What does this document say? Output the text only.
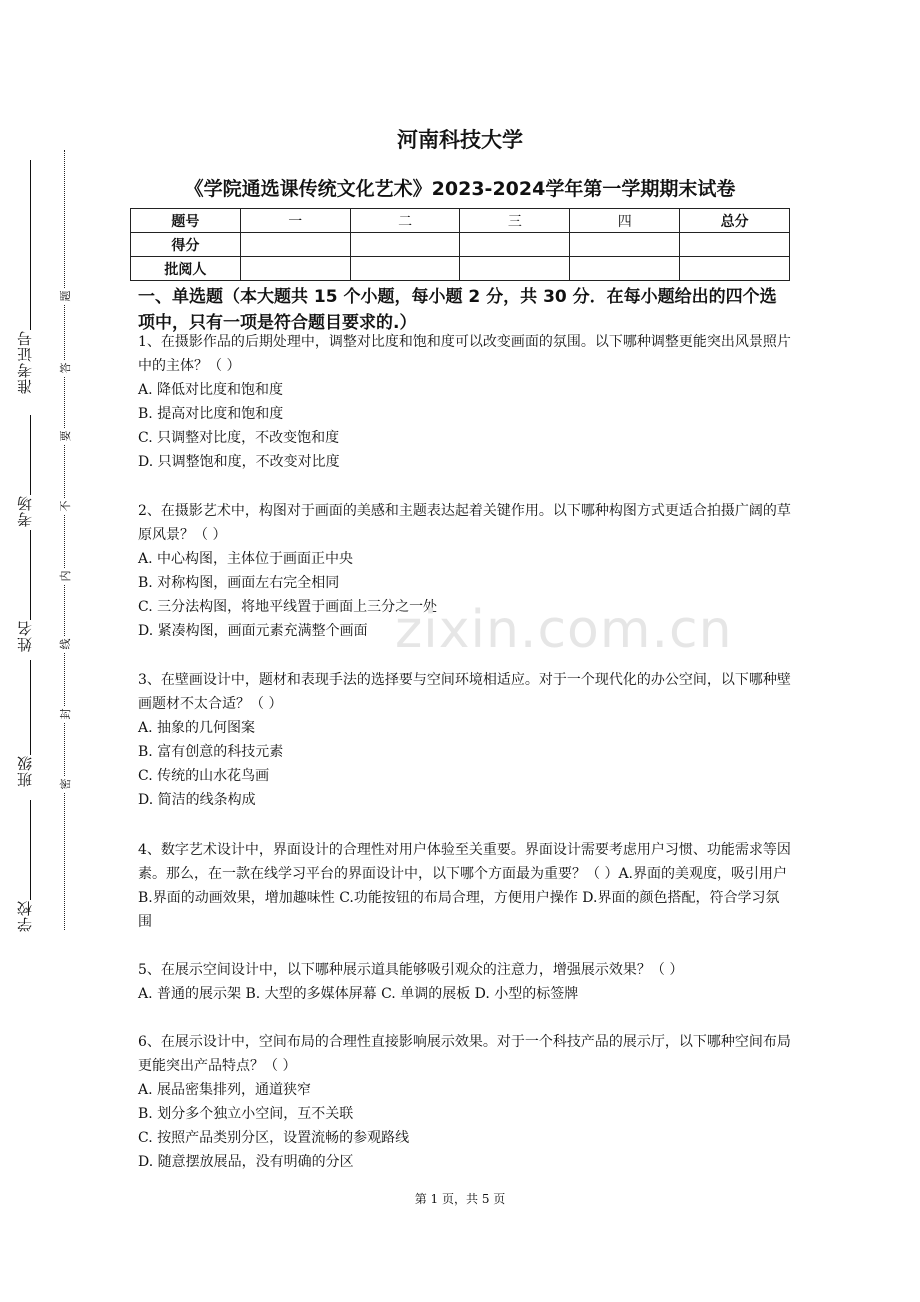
准考证号
考场
姓名
班级
学校
题
答
要
不
内
线
封
密
河南科技大学
《学院通选课传统文化艺术》2023-2024学年第一学期期末试卷
题号	一	二	三	四	总分
得分					
批阅人					
一、单选题（本大题共 15 个小题，每小题 2 分，共 30 分．在每小题给出的四个选项中，只有一项是符合题目要求的.）

1、在摄影作品的后期处理中，调整对比度和饱和度可以改变画面的氛围。以下哪种调整更能突出风景照片中的主体？（ ）

A. 降低对比度和饱和度

B. 提高对比度和饱和度

C. 只调整对比度，不改变饱和度

D. 只调整饱和度，不改变对比度

2、在摄影艺术中，构图对于画面的美感和主题表达起着关键作用。以下哪种构图方式更适合拍摄广阔的草原风景？（ ）

A. 中心构图，主体位于画面正中央

B. 对称构图，画面左右完全相同

C. 三分法构图，将地平线置于画面上三分之一处

D. 紧凑构图，画面元素充满整个画面

3、在壁画设计中，题材和表现手法的选择要与空间环境相适应。对于一个现代化的办公空间，以下哪种壁画题材不太合适？（ ）

A. 抽象的几何图案

B. 富有创意的科技元素

C. 传统的山水花鸟画

D. 简洁的线条构成

4、数字艺术设计中，界面设计的合理性对用户体验至关重要。界面设计需要考虑用户习惯、功能需求等因素。那么，在一款在线学习平台的界面设计中，以下哪个方面最为重要？（ ）A.界面的美观度，吸引用户 B.界面的动画效果，增加趣味性 C.功能按钮的布局合理，方便用户操作 D.界面的颜色搭配，符合学习氛围

5、在展示空间设计中，以下哪种展示道具能够吸引观众的注意力，增强展示效果？（ ）

A. 普通的展示架 B. 大型的多媒体屏幕 C. 单调的展板 D. 小型的标签牌

6、在展示设计中，空间布局的合理性直接影响展示效果。对于一个科技产品的展示厅，以下哪种空间布局更能突出产品特点？（ ）

A. 展品密集排列，通道狭窄

B. 划分多个独立小空间，互不关联

C. 按照产品类别分区，设置流畅的参观路线

D. 随意摆放展品，没有明确的分区

zixin.com.cn
第 1 页，共 5 页
